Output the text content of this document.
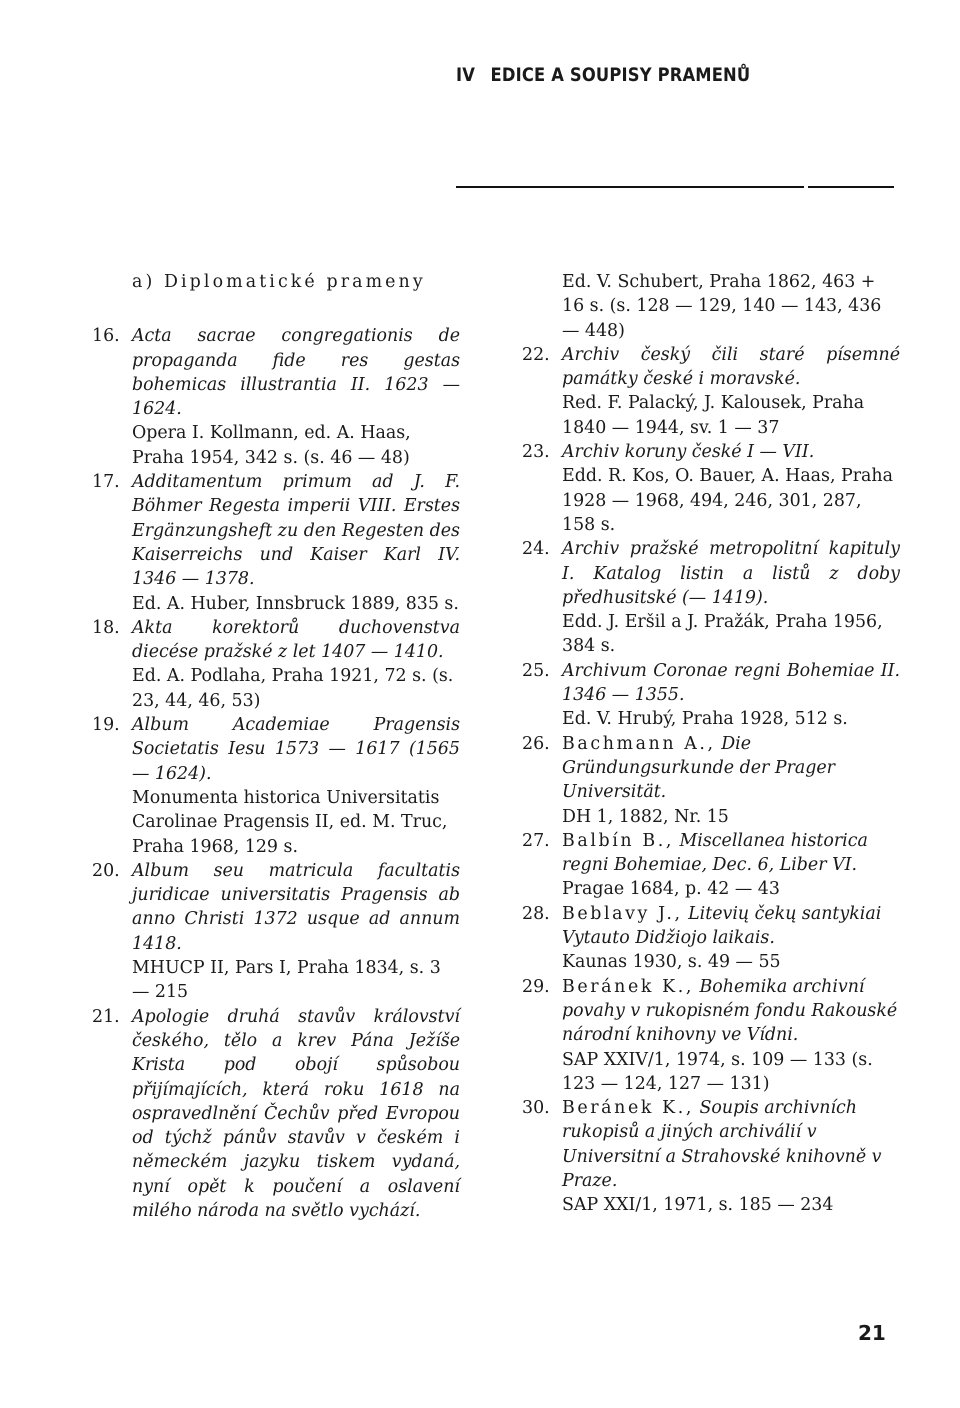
IV EDICE A SOUPISY PRAMENŮ
a) Diplomatické prameny
16. Acta sacrae congregationis de propaganda fide res gestas bohemicas illustrantia II. 1623 — 1624.
Opera I. Kollmann, ed. A. Haas, Praha 1954, 342 s. (s. 46 — 48)
17. Additamentum primum ad J. F. Böhmer Regesta imperii VIII. Erstes Ergänzungsheft zu den Regesten des Kaiserreichs und Kaiser Karl IV. 1346 — 1378.
Ed. A. Huber, Innsbruck 1889, 835 s.
18. Akta korektorů duchovenstva diecése pražské z let 1407 — 1410.
Ed. A. Podlaha, Praha 1921, 72 s. (s. 23, 44, 46, 53)
19. Album Academiae Pragensis Societatis Iesu 1573 — 1617 (1565 — 1624).
Monumenta historica Universitatis Carolinae Pragensis II, ed. M. Truc, Praha 1968, 129 s.
20. Album seu matricula facultatis juridicae universitatis Pragensis ab anno Christi 1372 usque ad annum 1418.
MHUCP II, Pars I, Praha 1834, s. 3 — 215
21. Apologie druhá stavův království českého, tělo a krev Pána Ježíše Krista pod obojí spůsobou přijímajících, která roku 1618 na ospravedlnění Čechův před Evropou od týchž pánův stavův v českém i německém jazyku tiskem vydaná, nyní opět k poučení a oslavení milého národa na světlo vychází.
Ed. V. Schubert, Praha 1862, 463 + 16 s. (s. 128 — 129, 140 — 143, 436 — 448)
22. Archiv český čili staré písemné památky české i moravské.
Red. F. Palacký, J. Kalousek, Praha 1840 — 1944, sv. 1 — 37
23. Archiv koruny české I — VII.
Edd. R. Kos, O. Bauer, A. Haas, Praha 1928 — 1968, 494, 246, 301, 287, 158 s.
24. Archiv pražské metropolitní kapituly I. Katalog listin a listů z doby předhusitské (— 1419).
Edd. J. Eršil a J. Pražák, Praha 1956, 384 s.
25. Archivum Coronae regni Bohemiae II. 1346 — 1355.
Ed. V. Hrubý, Praha 1928, 512 s.
26. Bachmann A., Die Gründungsurkunde der Prager Universität.
DH 1, 1882, Nr. 15
27. Balbín B., Miscellanea historica regni Bohemiae, Dec. 6, Liber VI.
Pragae 1684, p. 42 — 43
28. Beblavy J., Litevių čekų santykiai Vytauto Didžiojo laikais.
Kaunas 1930, s. 49 — 55
29. Beránek K., Bohemika archivní povahy v rukopisném fondu Rakouské národní knihovny ve Vídni.
SAP XXIV/1, 1974, s. 109 — 133 (s. 123 — 124, 127 — 131)
30. Beránek K., Soupis archivních rukopisů a jiných archiválií v Universitní a Strahovské knihovně v Praze.
SAP XXI/1, 1971, s. 185 — 234
21
